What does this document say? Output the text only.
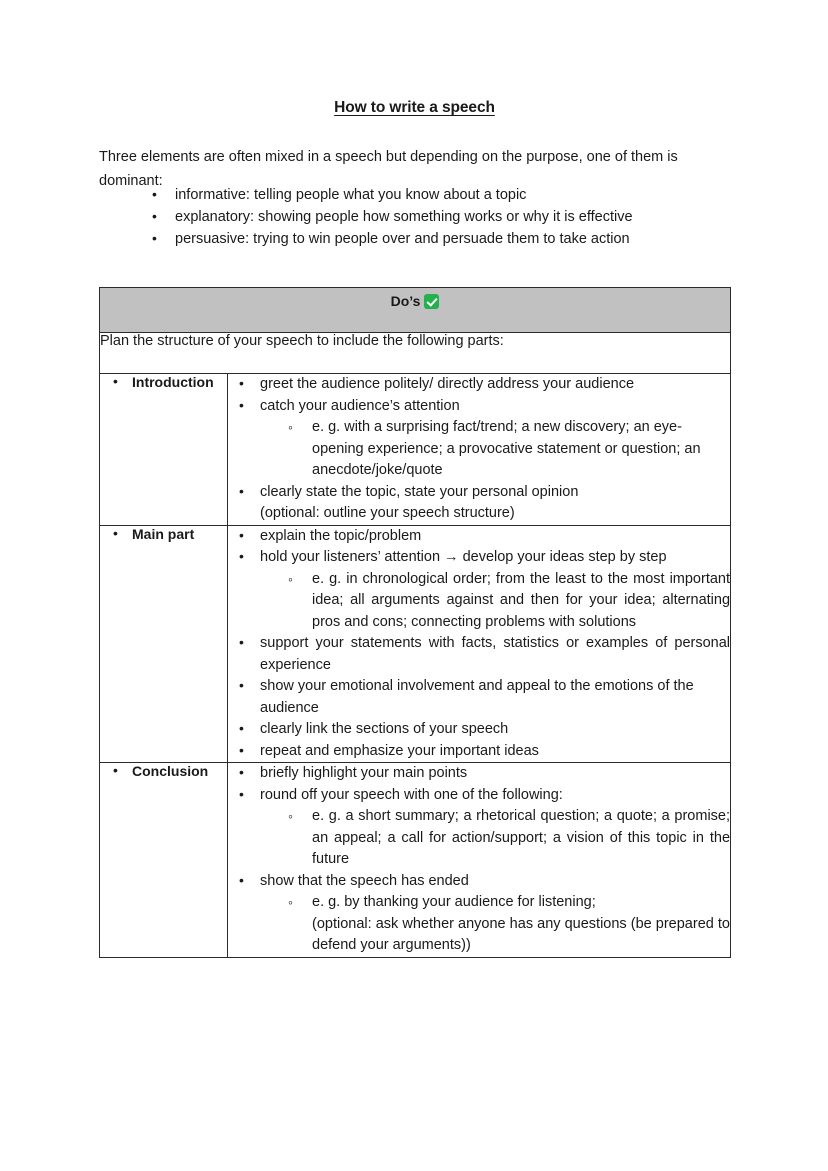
How to write a speech
Three elements are often mixed in a speech but depending on the purpose, one of them is dominant:
• informative: telling people what you know about a topic
• explanatory: showing people how something works or why it is effective
• persuasive: trying to win people over and persuade them to take action
Do’s	

Plan the structure of your speech to include the following parts:	

• Introduction

•greet the audience politely/ directly address your audience
• catch your audience’s attention
◦ e. g. with a surprising fact/trend; a new discovery; an eye-opening experience; a provocative statement or question; an anecdote/joke/quote
• clearly state the topic, state your personal opinion
(optional: outline your speech structure)

• Main part

•explain the topic/problem
• hold your listeners’ attention → develop your ideas step by step
◦ e. g. in chronological order; from the least to the most important idea; all arguments against and then for your idea; alternating pros and cons; connecting problems with solutions
• support your statements with facts, statistics or examples of personal experience
• show your emotional involvement and appeal to the emotions of the audience
• clearly link the sections of your speech
• repeat and emphasize your important ideas

• Conclusion

•briefly highlight your main points
• round off your speech with one of the following:
◦ e. g. a short summary; a rhetorical question; a quote; a promise; an appeal; a call for action/support; a vision of this topic in the future
• show that the speech has ended
◦ e. g. by thanking your audience for listening;
(optional: ask whether anyone has any questions (be prepared to defend your arguments))
